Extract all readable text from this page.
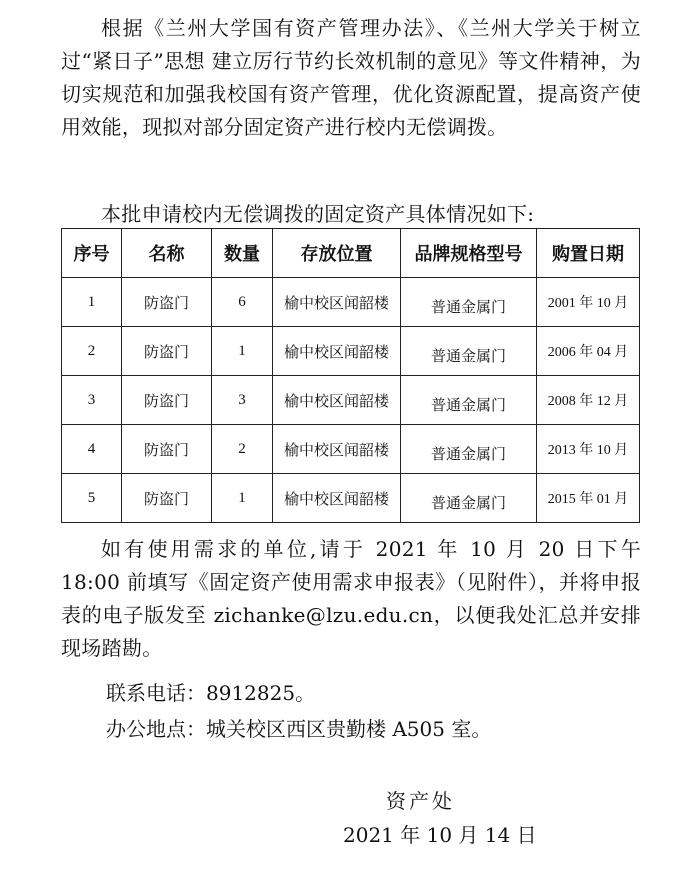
根据《兰州大学国有资产管理办法》、《兰州大学关于树立过“紧日子”思想 建立厉行节约长效机制的意见》等文件精神，为切实规范和加强我校国有资产管理，优化资源配置，提高资产使用效能，现拟对部分固定资产进行校内无偿调拨。

本批申请校内无偿调拨的固定资产具体情况如下:

序号	名称	数量	存放位置	品牌规格型号	购置日期
1	防盗门	6	榆中校区闻韶楼	普通金属门	2001 年 10 月
2	防盗门	1	榆中校区闻韶楼	普通金属门	2006 年 04 月
3	防盗门	3	榆中校区闻韶楼	普通金属门	2008 年 12 月
4	防盗门	2	榆中校区闻韶楼	普通金属门	2013 年 10 月
5	防盗门	1	榆中校区闻韶楼	普通金属门	2015 年 01 月

如有使用需求的单位,请于 2021 年 10 月 20 日下午 18:00 前填写《固定资产使用需求申报表》（见附件），并将申报表的电子版发至 zichanke@lzu.edu.cn，以便我处汇总并安排现场踏勘。

联系电话：8912825。

办公地点：城关校区西区贵勤楼 A505 室。

资产处
2021 年 10 月 14 日
